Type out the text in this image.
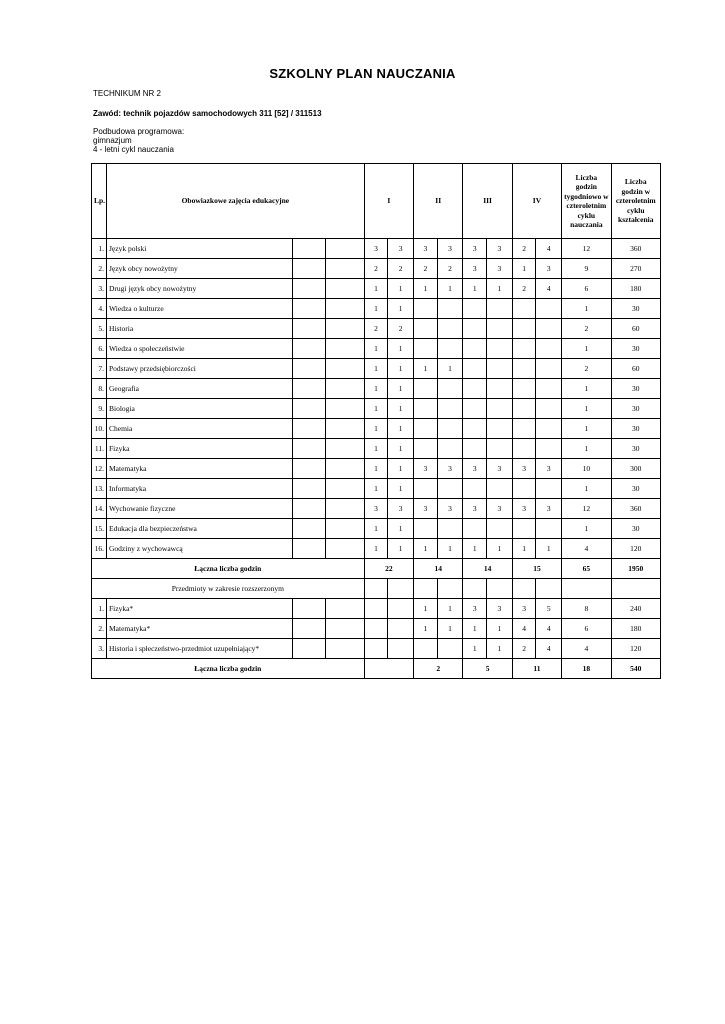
SZKOLNY PLAN NAUCZANIA
TECHNIKUM NR 2
Zawód: technik pojazdów samochodowych 311 [52] / 311513
Podbudowa programowa:
gimnazjum
4 - letni cykl nauczania
Lp.	Obowiazkowe zajęcia edukacyjne			I		II		III		IV		Liczba godzin tygodniowo w czteroletnim cyklu nauczania	Liczba godzin w czteroletnim cyklu kształcenia
1.	Język polski			3	3	3	3	3	3	2	4	12	360
2.	Język obcy nowożytny			2	2	2	2	3	3	1	3	9	270
3.	Drugi język obcy nowożytny			1	1	1	1	1	1	2	4	6	180
4.	Wiedza o kulturze			1	1							1	30
5.	Historia			2	2							2	60
6.	Wiedza o społeczeństwie			1	1							1	30
7.	Podstawy przedsiębiorczości			1	1	1	1					2	60
8.	Geografia			1	1							1	30
9.	Biologia			1	1							1	30
10.	Chemia			1	1							1	30
11.	Fizyka			1	1							1	30
12.	Matematyka			1	1	3	3	3	3	3	3	10	300
13.	Informatyka			1	1							1	30
14.	Wychowanie fizyczne			3	3	3	3	3	3	3	3	12	360
15.	Edukacja dla bezpieczeństwa			1	1							1	30
16.	Godziny z wychowawcą			1	1	1	1	1	1	1	1	4	120
Łączna liczba godzin				22		14		14		15		65	1950
Przedmioty w zakresie rozszerzonym													
1.	Fizyka*					1	1	3	3	3	5	8	240
2.	Matematyka*					1	1	1	1	4	4	6	180
3.	Historia i spłeczeństwo-przedmiot uzupełniający*							1	1	2	4	4	120
Łączna liczba godzin						2		5		11		18	540
